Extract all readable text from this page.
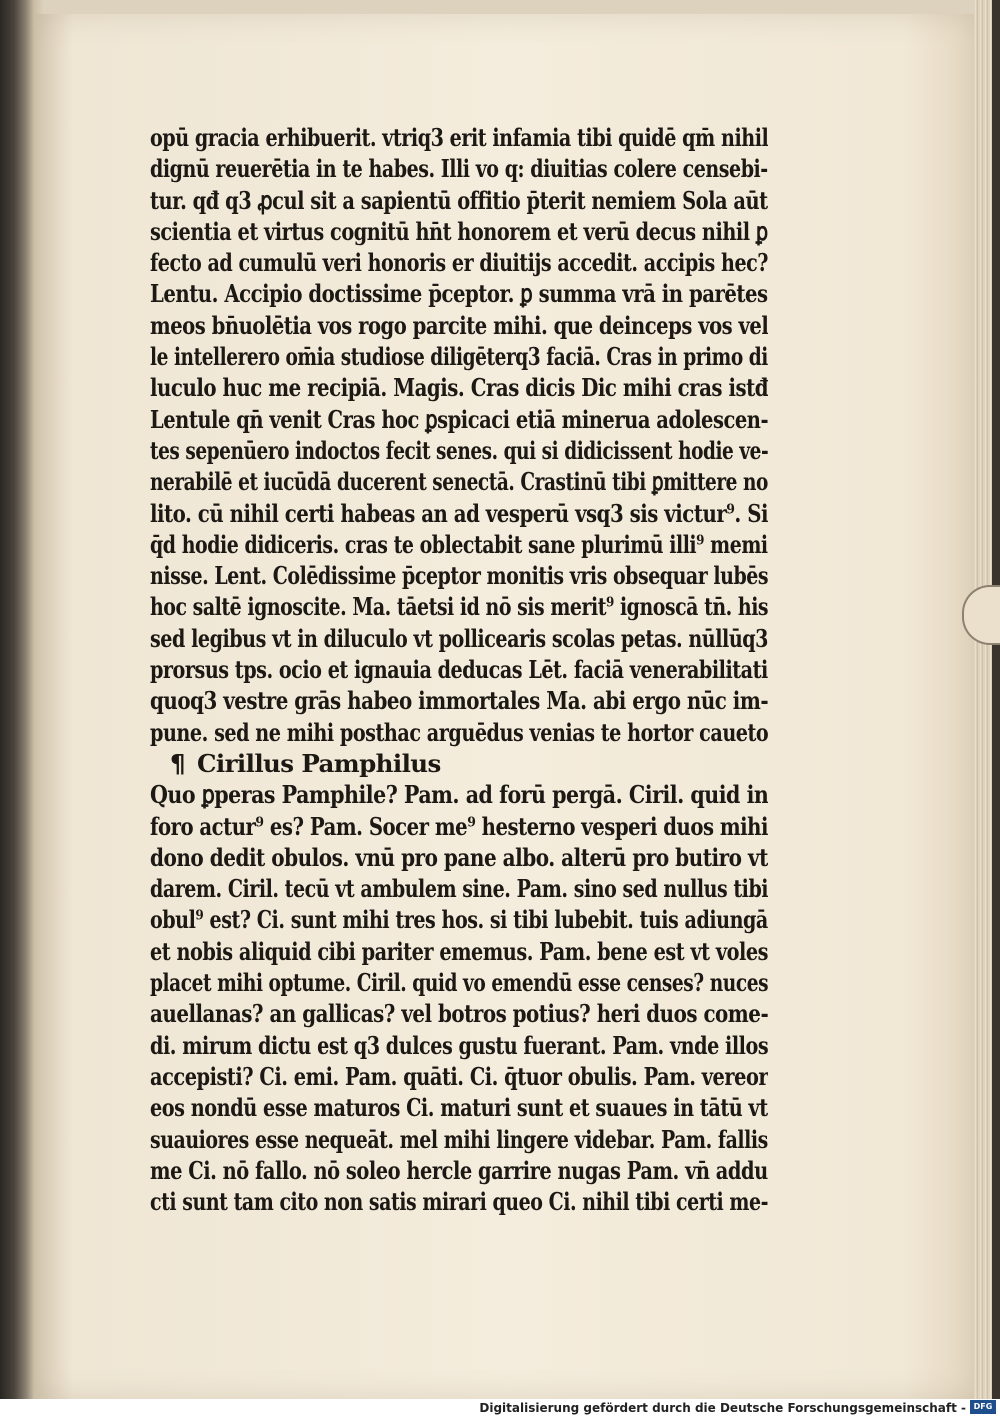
opū gracia erhibuerit. vtriq3 erit infamia tibi quidē qm̄ nihil
dignū reuerētia in te habes. Illi vo q: diuitias colere censebi-
tur. qđ q3 ꝓcul sit a sapientū offitio p̄terit nemiem Sola aūt
scientia et virtus cognitū hn̄t honorem et verū decus nihil ꝑ
fecto ad cumulū veri honoris er diuitijs accedit. accipis hec?
Lentu. Accipio doctissime p̄ceptor. ꝑ summa vrā in parētes
meos bn̄uolētia vos rogo parcite mihi. que deinceps vos vel
le intellerero om̄ia studiose diligēterq3 faciā. Cras in primo di
luculo huc me recipiā. Magis. Cras dicis Dic mihi cras istđ
Lentule qn̄ venit Cras hoc ꝑspicaci etiā minerua adolescen-
tes sepenūero indoctos fecit senes. qui si didicissent hodie ve-
nerabilē et iucūdā ducerent senectā. Crastinū tibi ꝑmittere no
lito. cū nihil certi habeas an ad vesperū vsq3 sis victur⁹. Si
q̄d hodie didiceris. cras te oblectabit sane plurimū illi⁹ memi
nisse. Lent. Colēdissime p̄ceptor monitis vris obsequar lubēs
hoc saltē ignoscite. Ma. tāetsi id nō sis merit⁹ ignoscā tn̄. his
sed legibus vt in diluculo vt pollicearis scolas petas. nūllūq3
prorsus tps. ocio et ignauia deducas Lēt. faciā venerabilitati
quoq3 vestre grās habeo immortales Ma. abi ergo nūc im-
pune. sed ne mihi posthac arguēdus venias te hortor caueto
¶ Cirillus Pamphilus
Quo ꝑperas Pamphile? Pam. ad forū pergā. Ciril. quid in
foro actur⁹ es? Pam. Socer me⁹ hesterno vesperi duos mihi
dono dedit obulos. vnū pro pane albo. alterū pro butiro vt
darem. Ciril. tecū vt ambulem sine. Pam. sino sed nullus tibi
obul⁹ est? Ci. sunt mihi tres hos. si tibi lubebit. tuis adiungā
et nobis aliquid cibi pariter ememus. Pam. bene est vt voles
placet mihi optume. Ciril. quid vo emendū esse censes? nuces
auellanas? an gallicas? vel botros potius? heri duos come-
di. mirum dictu est q3 dulces gustu fuerant. Pam. vnde illos
accepisti? Ci. emi. Pam. quāti. Ci. q̄tuor obulis. Pam. vereor
eos nondū esse maturos Ci. maturi sunt et suaues in tātū vt
suauiores esse nequeāt. mel mihi lingere videbar. Pam. fallis
me Ci. nō fallo. nō soleo hercle garrire nugas Pam. vn̄ addu
cti sunt tam cito non satis mirari queo Ci. nihil tibi certi me-
Digitalisierung gefördert durch die Deutsche Forschungsgemeinschaft - DFG
